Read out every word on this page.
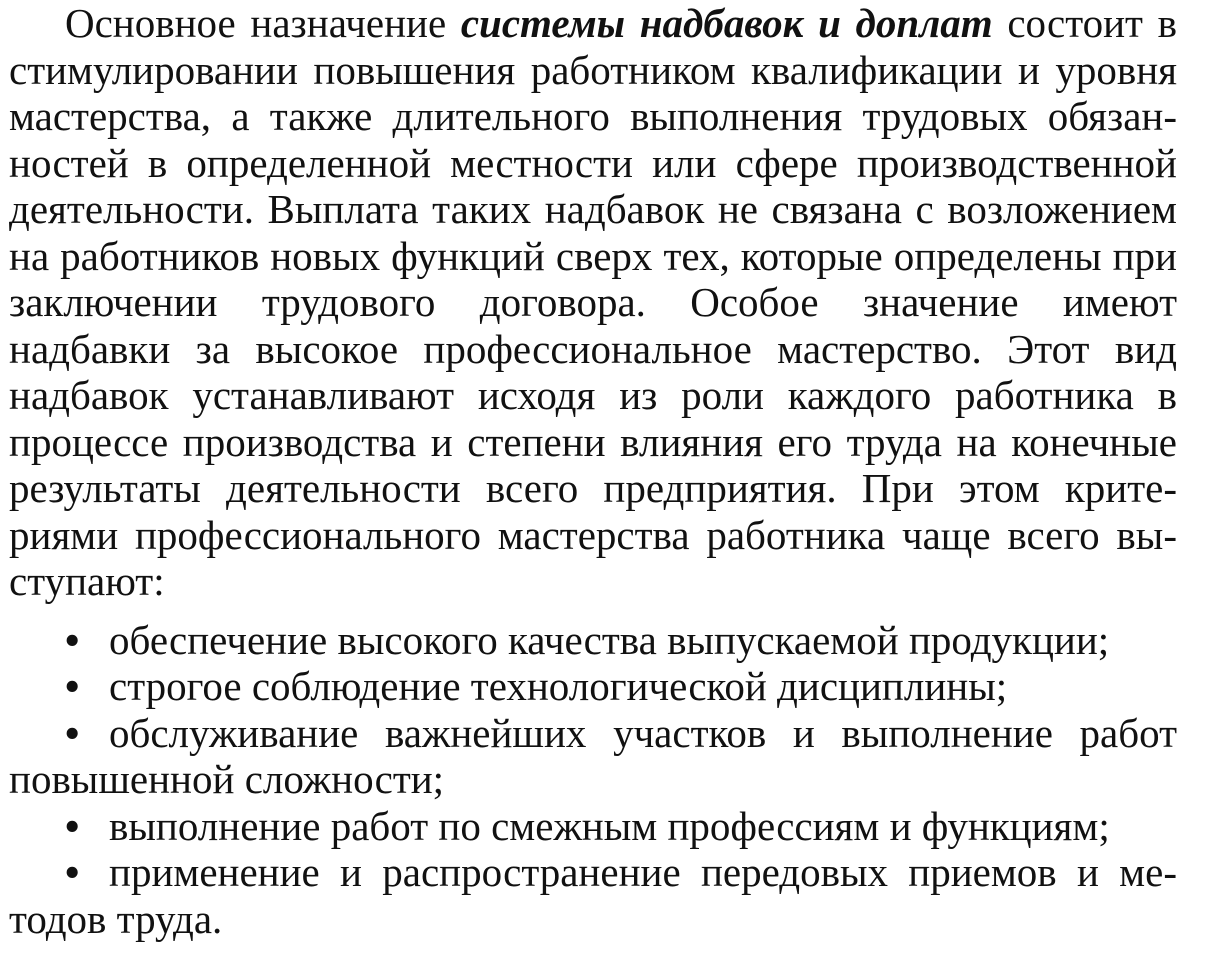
Основное назначение системы надбавок и доплат состоит в стимулировании повышения работником квалификации и уровня мастерства, а также длительного выполнения трудовых обязанностей в определенной местности или сфере производственной деятельности. Выплата таких надбавок не связана с возложением на работников новых функций сверх тех, которые определены при заключении трудового договора. Особое значение имеют надбавки за высокое профессиональное мастерство. Этот вид надбавок устанавливают исходя из роли каждого работника в процессе производства и степени влияния его труда на конечные результаты деятельности всего предприятия. При этом критериями профессионального мастерства работника чаще всего выступают:

• обеспечение высокого качества выпускаемой продукции;
• строгое соблюдение технологической дисциплины;
• обслуживание важнейших участков и выполнение работ повышенной сложности;
• выполнение работ по смежным профессиям и функциям;
• применение и распространение передовых приемов и методов труда.
